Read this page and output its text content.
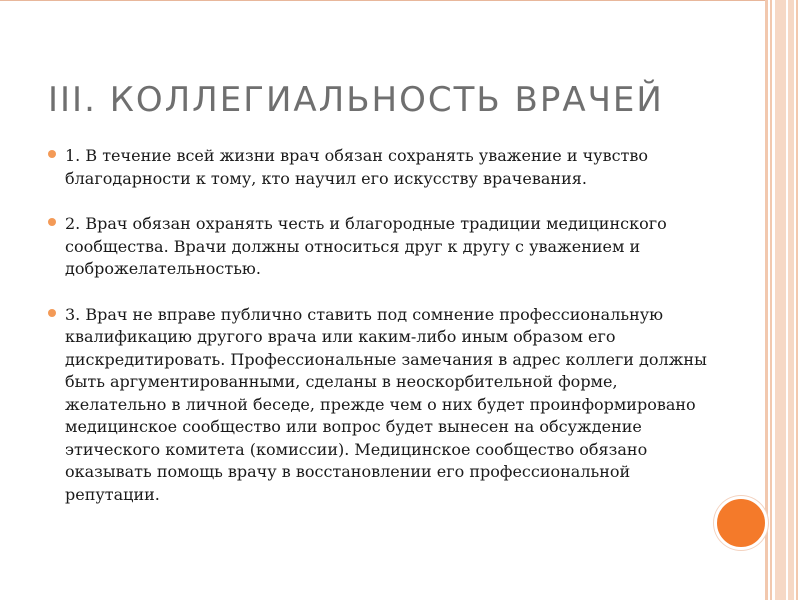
III. КОЛЛЕГИАЛЬНОСТЬ ВРАЧЕЙ
1. В течение всей жизни врач обязан сохранять уважение и чувство благодарности к тому, кто научил его искусству врачевания.
2. Врач обязан охранять честь и благородные традиции медицинского сообщества. Врачи должны относиться друг к другу с уважением и доброжелательностью.
3. Врач не вправе публично ставить под сомнение профессиональную квалификацию другого врача или каким-либо иным образом его дискредитировать. Профессиональные замечания в адрес коллеги должны быть аргументированными, сделаны в неоскорбительной форме, желательно в личной беседе, прежде чем о них будет проинформировано медицинское сообщество или вопрос будет вынесен на обсуждение этического комитета (комиссии). Медицинское сообщество обязано оказывать помощь врачу в восстановлении его профессиональной репутации.
